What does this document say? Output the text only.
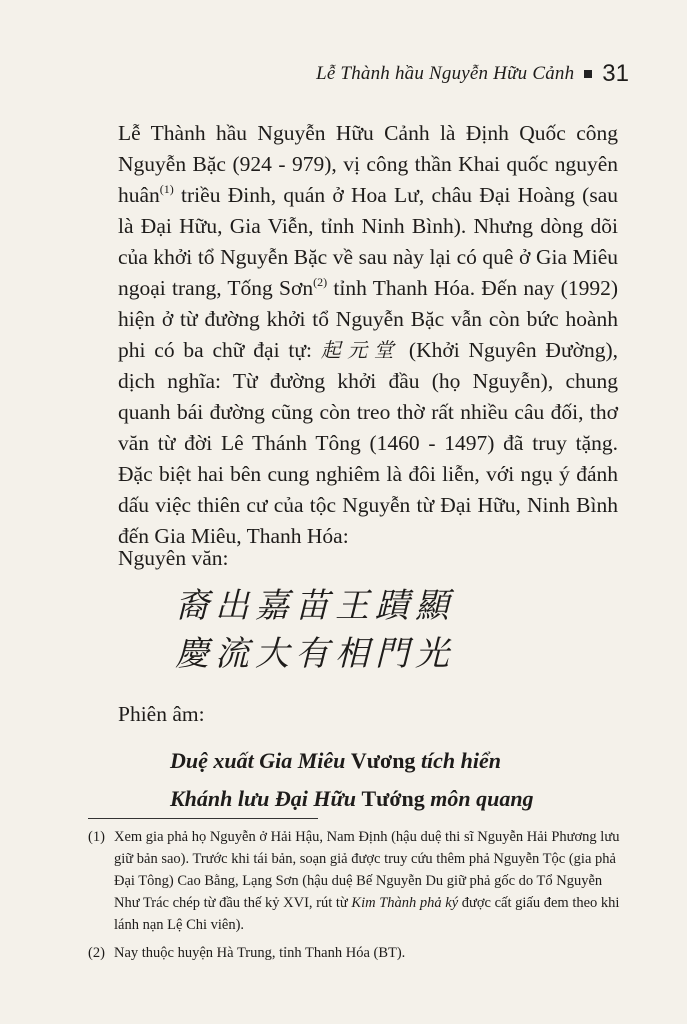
Lễ Thành hầu Nguyễn Hữu Cảnh 31
Lễ Thành hầu Nguyễn Hữu Cảnh là Định Quốc công Nguyễn Bặc (924 - 979), vị công thần Khai quốc nguyên huân$^{(1)}$ triều Đinh, quán ở Hoa Lư, châu Đại Hoàng (sau là Đại Hữu, Gia Viễn, tỉnh Ninh Bình). Nhưng dòng dõi của khởi tổ Nguyễn Bặc về sau này lại có quê ở Gia Miêu ngoại trang, Tống Sơn$^{(2)}$ tỉnh Thanh Hóa. Đến nay (1992) hiện ở từ đường khởi tổ Nguyễn Bặc vẫn còn bức hoành phi có ba chữ đại tự: 起元堂 (Khởi Nguyên Đường), dịch nghĩa: Từ đường khởi đầu (họ Nguyễn), chung quanh bái đường cũng còn treo thờ rất nhiều câu đối, thơ văn từ đời Lê Thánh Tông (1460 - 1497) đã truy tặng. Đặc biệt hai bên cung nghiêm là đôi liễn, với ngụ ý đánh dấu việc thiên cư của tộc Nguyễn từ Đại Hữu, Ninh Bình đến Gia Miêu, Thanh Hóa:
Nguyên văn:
裔出嘉苗王蹟顯
慶流大有相門光
Phiên âm:
Duệ xuất Gia Miêu Vương tích hiển
Khánh lưu Đại Hữu Tướng môn quang
(1) Xem gia phả họ Nguyễn ở Hải Hậu, Nam Định (hậu duệ thi sĩ Nguyễn Hải Phương lưu giữ bản sao). Trước khi tái bản, soạn giả được truy cứu thêm phả Nguyễn Tộc (gia phả Đại Tông) Cao Bằng, Lạng Sơn (hậu duệ Bế Nguyễn Du giữ phả gốc do Tổ Nguyễn Như Trác chép từ đầu thế kỷ XVI, rút từ Kim Thành phả ký được cất giấu đem theo khi lánh nạn Lệ Chi viên).
(2) Nay thuộc huyện Hà Trung, tỉnh Thanh Hóa (BT).
